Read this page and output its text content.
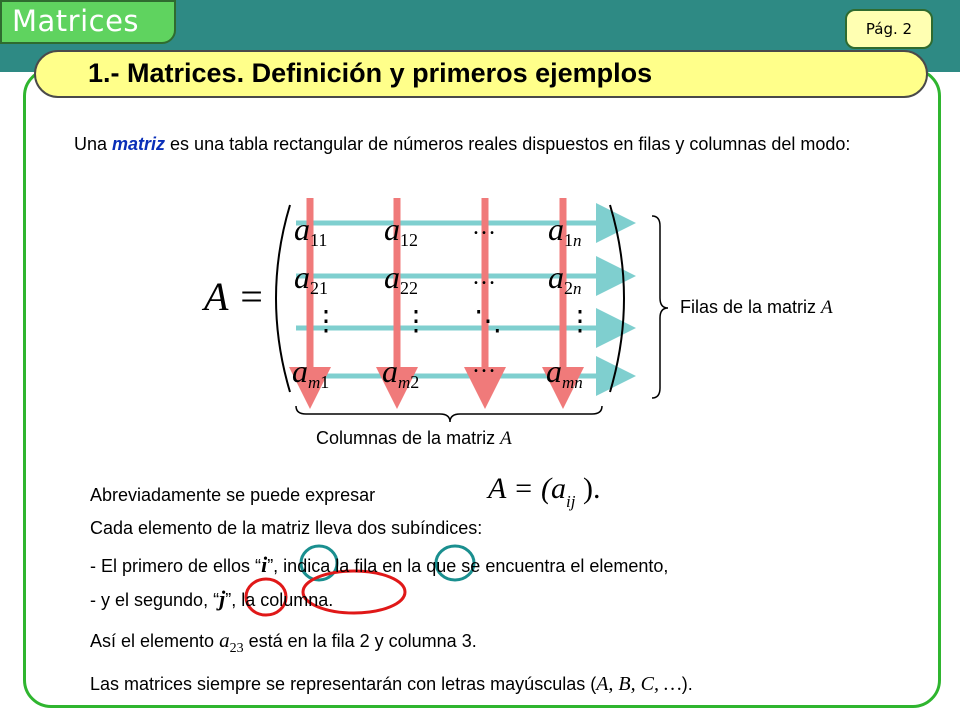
Matrices	Pág. 2
1.- Matrices. Definición y primeros ejemplos
Una matriz es una tabla rectangular de números reales dispuestos en filas y columnas del modo:
A =
a11 a12 … a1n
a21 a22 … a2n
⋮ ⋮ ⋱ ⋮
am1 am2
… amn
Filas de la matriz A
Columnas de la matriz A
Abreviadamente se puede expresar	$A = (a_{ij}$ ).
Cada elemento de la matriz lleva dos subíndices:
- El primero de ellos “i”, indica la fila en la que se encuentra el elemento,
- y el segundo, “j”, la columna.
Así el elemento $a_{23}$ está en la fila 2 y columna 3.
Las matrices siempre se representarán con letras mayúsculas (A, B, C, …).
